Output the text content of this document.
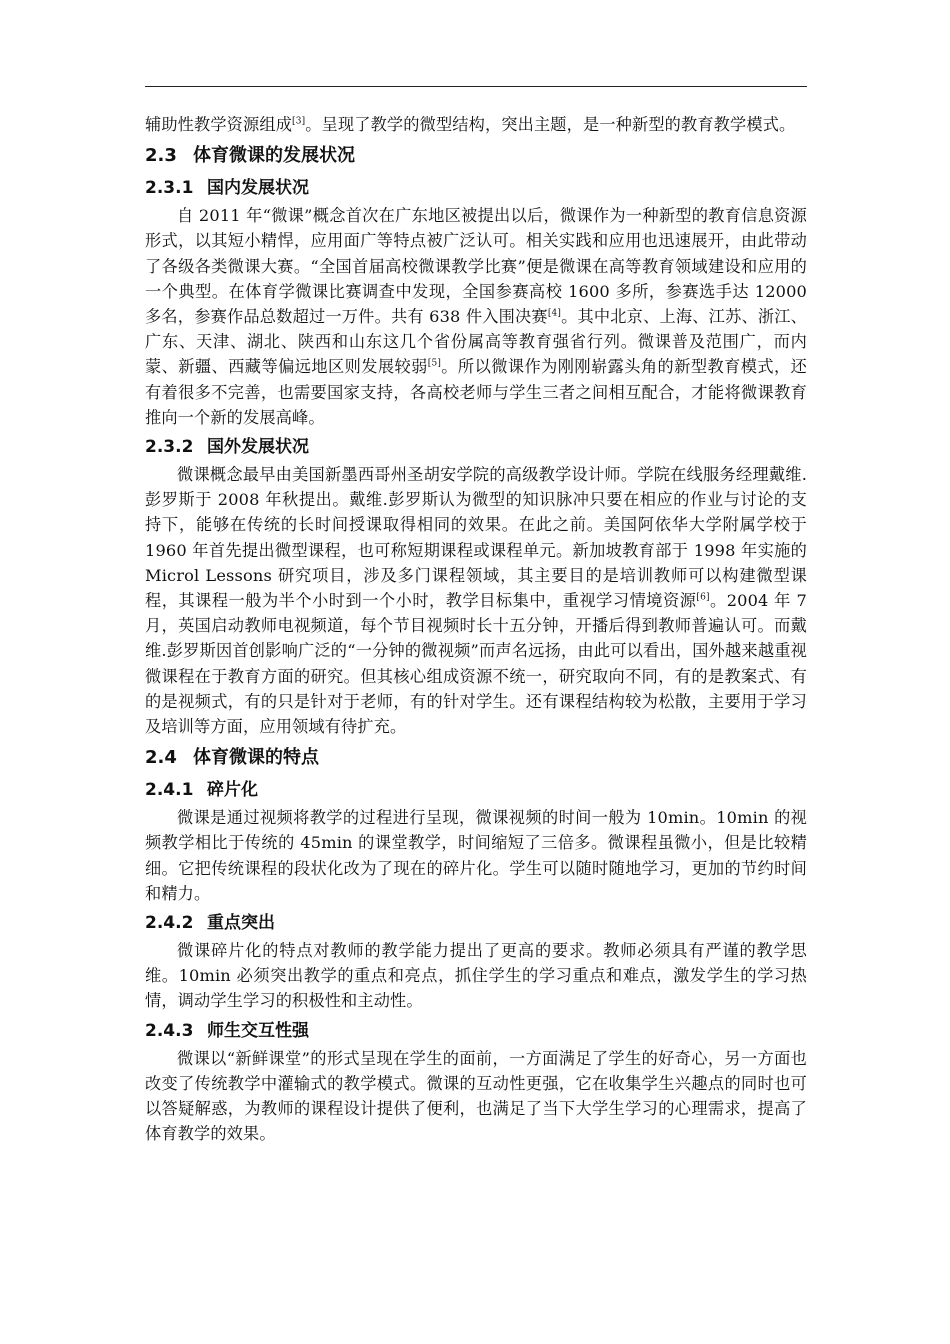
辅助性教学资源组成[3]。呈现了教学的微型结构，突出主题，是一种新型的教育教学模式。

2.3 体育微课的发展状况
2.3.1 国内发展状况

自 2011 年“微课”概念首次在广东地区被提出以后，微课作为一种新型的教育信息资源形式，以其短小精悍，应用面广等特点被广泛认可。相关实践和应用也迅速展开，由此带动了各级各类微课大赛。“全国首届高校微课教学比赛”便是微课在高等教育领域建设和应用的一个典型。在体育学微课比赛调查中发现，全国参赛高校 1600 多所，参赛选手达 12000 多名，参赛作品总数超过一万件。共有 638 件入围决赛[4]。其中北京、上海、江苏、浙江、广东、天津、湖北、陕西和山东这几个省份属高等教育强省行列。微课普及范围广，而内蒙、新疆、西藏等偏远地区则发展较弱[5]。所以微课作为刚刚崭露头角的新型教育模式，还有着很多不完善，也需要国家支持，各高校老师与学生三者之间相互配合，才能将微课教育推向一个新的发展高峰。

2.3.2 国外发展状况

微课概念最早由美国新墨西哥州圣胡安学院的高级教学设计师。学院在线服务经理戴维.彭罗斯于 2008 年秋提出。戴维.彭罗斯认为微型的知识脉冲只要在相应的作业与讨论的支持下，能够在传统的长时间授课取得相同的效果。在此之前。美国阿依华大学附属学校于 1960 年首先提出微型课程，也可称短期课程或课程单元。新加坡教育部于 1998 年实施的 Microl Lessons 研究项目，涉及多门课程领域，其主要目的是培训教师可以构建微型课程，其课程一般为半个小时到一个小时，教学目标集中，重视学习情境资源[6]。2004 年 7 月，英国启动教师电视频道，每个节目视频时长十五分钟，开播后得到教师普遍认可。而戴维.彭罗斯因首创影响广泛的“一分钟的微视频”而声名远扬，由此可以看出，国外越来越重视微课程在于教育方面的研究。但其核心组成资源不统一，研究取向不同，有的是教案式、有的是视频式，有的只是针对于老师，有的针对学生。还有课程结构较为松散，主要用于学习及培训等方面，应用领域有待扩充。

2.4 体育微课的特点
2.4.1 碎片化

微课是通过视频将教学的过程进行呈现，微课视频的时间一般为 10min。10min 的视频教学相比于传统的 45min 的课堂教学，时间缩短了三倍多。微课程虽微小，但是比较精细。它把传统课程的段状化改为了现在的碎片化。学生可以随时随地学习，更加的节约时间和精力。

2.4.2 重点突出

微课碎片化的特点对教师的教学能力提出了更高的要求。教师必须具有严谨的教学思维。10min 必须突出教学的重点和亮点，抓住学生的学习重点和难点，激发学生的学习热情，调动学生学习的积极性和主动性。

2.4.3 师生交互性强

微课以“新鲜课堂”的形式呈现在学生的面前，一方面满足了学生的好奇心，另一方面也改变了传统教学中灌输式的教学模式。微课的互动性更强，它在收集学生兴趣点的同时也可以答疑解惑，为教师的课程设计提供了便利，也满足了当下大学生学习的心理需求，提高了体育教学的效果。
